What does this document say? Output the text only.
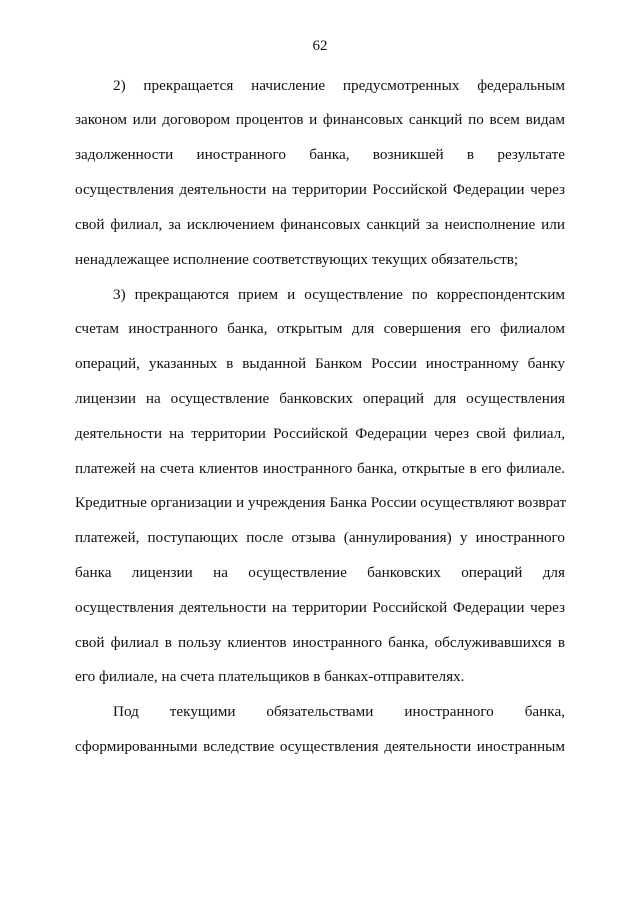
62
2) прекращается начисление предусмотренных федеральным
законом или договором процентов и финансовых санкций по всем видам
задолженности иностранного банка, возникшей в результате
осуществления деятельности на территории Российской Федерации через
свой филиал, за исключением финансовых санкций за неисполнение или
ненадлежащее исполнение соответствующих текущих обязательств;
3) прекращаются прием и осуществление по корреспондентским
счетам иностранного банка, открытым для совершения его филиалом
операций, указанных в выданной Банком России иностранному банку
лицензии на осуществление банковских операций для осуществления
деятельности на территории Российской Федерации через свой филиал,
платежей на счета клиентов иностранного банка, открытые в его филиале.
Кредитные организации и учреждения Банка России осуществляют возврат
платежей, поступающих после отзыва (аннулирования) у иностранного
банка лицензии на осуществление банковских операций для
осуществления деятельности на территории Российской Федерации через
свой филиал в пользу клиентов иностранного банка, обслуживавшихся в
его филиале, на счета плательщиков в банках-отправителях.
Под текущими обязательствами иностранного банка,
сформированными вследствие осуществления деятельности иностранным
